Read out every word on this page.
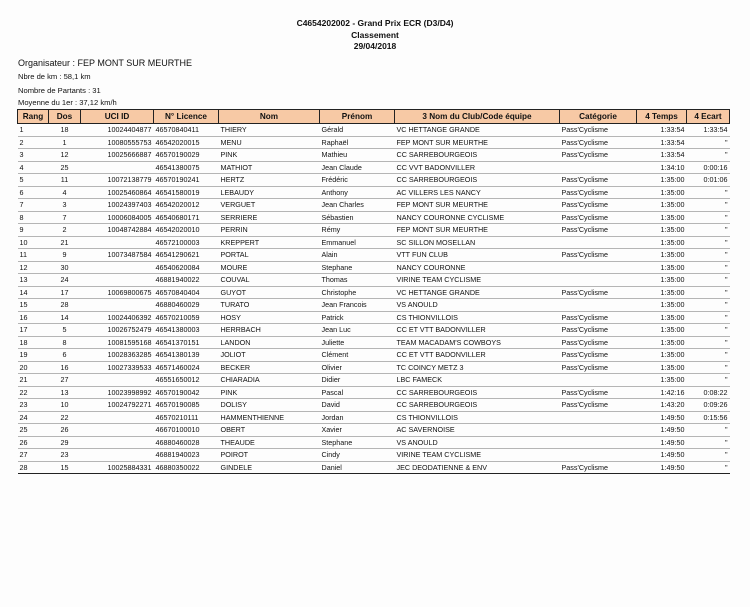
C4654202002 - Grand Prix ECR (D3/D4)
Classement
29/04/2018
Organisateur : FEP MONT SUR MEURTHE
Nbre de km : 58,1 km
Nombre de Partants : 31
Moyenne du 1er : 37,12 km/h
Rang	Dos	UCI ID	N° Licence	Nom	Prénom	3 Nom du Club/Code équipe	Catégorie	4 Temps	4 Ecart
1	18	10024404877	46570840411	THIERY	Gérald	VC HETTANGE GRANDE	Pass'Cyclisme	1:33:54	1:33:54
2	1	10080555753	46542020015	MENU	Raphaël	FEP MONT SUR MEURTHE	Pass'Cyclisme	1:33:54	"
3	12	10025666887	46570190029	PINK	Mathieu	CC SARREBOURGEOIS	Pass'Cyclisme	1:33:54	"
4	25		46541380075	MATHIOT	Jean Claude	CC VVT BADONVILLER		1:34:10	0:00:16
5	11	10072138779	46570190241	HERTZ	Frédéric	CC SARREBOURGEOIS	Pass'Cyclisme	1:35:00	0:01:06
6	4	10025460864	46541580019	LEBAUDY	Anthony	AC VILLERS LES NANCY	Pass'Cyclisme	1:35:00	"
7	3	10024397403	46542020012	VERGUET	Jean Charles	FEP MONT SUR MEURTHE	Pass'Cyclisme	1:35:00	"
8	7	10006084005	46540680171	SERRIERE	Sébastien	NANCY COURONNE CYCLISME	Pass'Cyclisme	1:35:00	"
9	2	10048742884	46542020010	PERRIN	Rémy	FEP MONT SUR MEURTHE	Pass'Cyclisme	1:35:00	"
10	21		46572100003	KREPPERT	Emmanuel	SC SILLON MOSELLAN		1:35:00	"
11	9	10073487584	46541290621	PORTAL	Alain	VTT FUN CLUB	Pass'Cyclisme	1:35:00	"
12	30		46540620084	MOURE	Stephane	NANCY COURONNE		1:35:00	"
13	24		46881940022	COUVAL	Thomas	VIRINE TEAM CYCLISME		1:35:00	"
14	17	10069800675	46570840404	GUYOT	Christophe	VC HETTANGE GRANDE	Pass'Cyclisme	1:35:00	"
15	28		46880460029	TURATO	Jean Francois	VS ANOULD		1:35:00	"
16	14	10024406392	46570210059	HOSY	Patrick	CS THIONVILLOIS	Pass'Cyclisme	1:35:00	"
17	5	10026752479	46541380003	HERRBACH	Jean Luc	CC ET VTT BADONVILLER	Pass'Cyclisme	1:35:00	"
18	8	10081595168	46541370151	LANDON	Juliette	TEAM MACADAM'S COWBOYS	Pass'Cyclisme	1:35:00	"
19	6	10028363285	46541380139	JOLIOT	Clément	CC ET VTT BADONVILLER	Pass'Cyclisme	1:35:00	"
20	16	10027339533	46571460024	BECKER	Olivier	TC COINCY METZ 3	Pass'Cyclisme	1:35:00	"
21	27		46551650012	CHIARADIA	Didier	LBC FAMECK		1:35:00	"
22	13	10023998992	46570190042	PINK	Pascal	CC SARREBOURGEOIS	Pass'Cyclisme	1:42:16	0:08:22
23	10	10024792271	46570190085	DOLISY	David	CC SARREBOURGEOIS	Pass'Cyclisme	1:43:20	0:09:26
24	22		46570210111	HAMMENTHIENNE	Jordan	CS THIONVILLOIS		1:49:50	0:15:56
25	26		46670100010	OBERT	Xavier	AC SAVERNOISE		1:49:50	"
26	29		46880460028	THEAUDE	Stephane	VS ANOULD		1:49:50	"
27	23		46881940023	POIROT	Cindy	VIRINE TEAM CYCLISME		1:49:50	"
28	15	10025884331	46880350022	GINDELE	Daniel	JEC DEODATIENNE & ENV	Pass'Cyclisme	1:49:50	"
